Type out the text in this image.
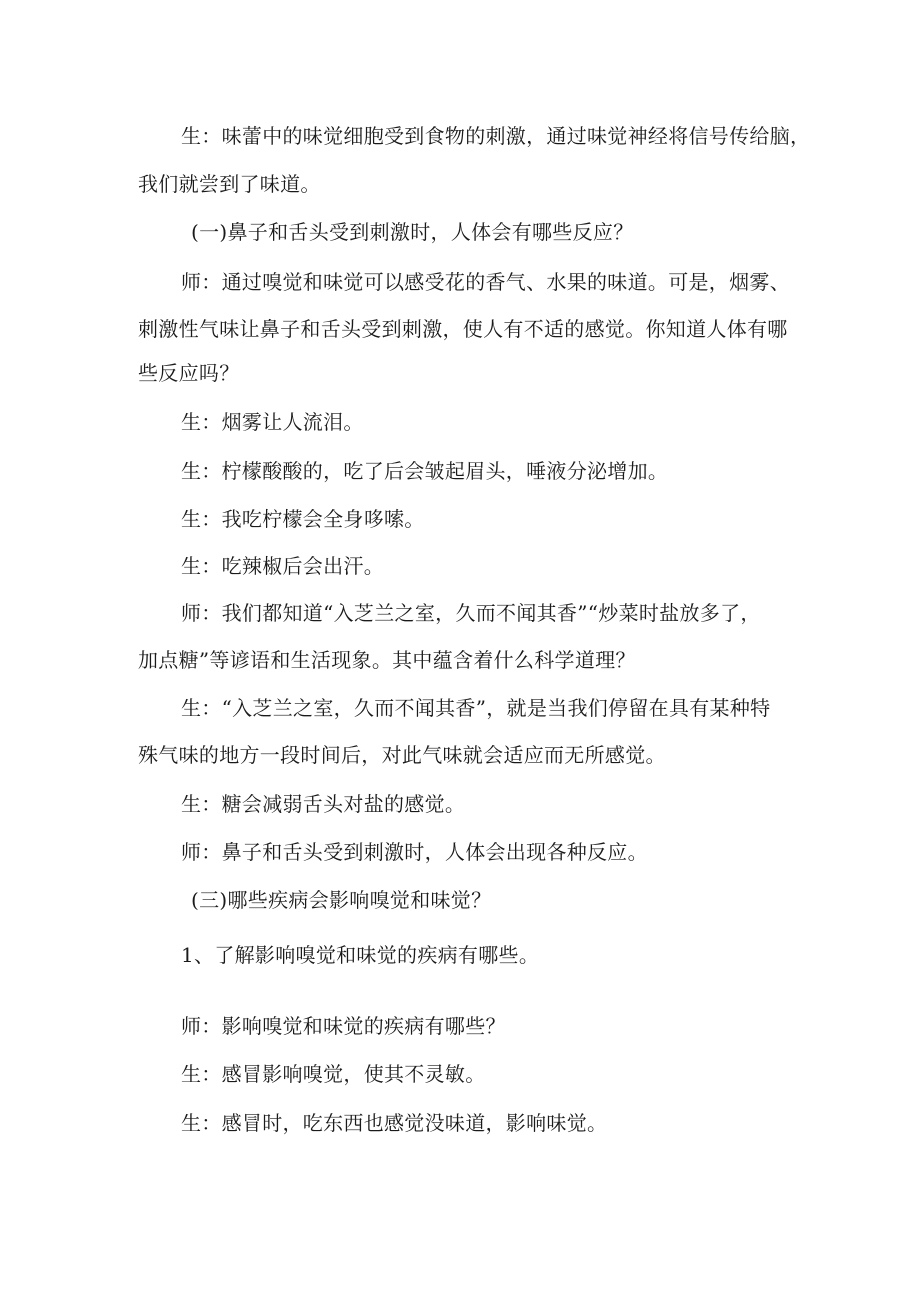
生：味蕾中的味觉细胞受到食物的刺激，通过味觉神经将信号传给脑，

我们就尝到了味道。

(一)鼻子和舌头受到刺激时，人体会有哪些反应？

师：通过嗅觉和味觉可以感受花的香气、水果的味道。可是，烟雾、

刺激性气味让鼻子和舌头受到刺激，使人有不适的感觉。你知道人体有哪

些反应吗？

生：烟雾让人流泪。

生：柠檬酸酸的，吃了后会皱起眉头，唾液分泌增加。

生：我吃柠檬会全身哆嗦。

生：吃辣椒后会出汗。

师：我们都知道“入芝兰之室，久而不闻其香”“炒菜时盐放多了，

加点糖”等谚语和生活现象。其中蕴含着什么科学道理？

生：“入芝兰之室，久而不闻其香”，就是当我们停留在具有某种特

殊气味的地方一段时间后，对此气味就会适应而无所感觉。

生：糖会减弱舌头对盐的感觉。

师：鼻子和舌头受到刺激时，人体会出现各种反应。

(三)哪些疾病会影响嗅觉和味觉？

1、了解影响嗅觉和味觉的疾病有哪些。

师：影响嗅觉和味觉的疾病有哪些？

生：感冒影响嗅觉，使其不灵敏。

生：感冒时，吃东西也感觉没味道，影响味觉。
